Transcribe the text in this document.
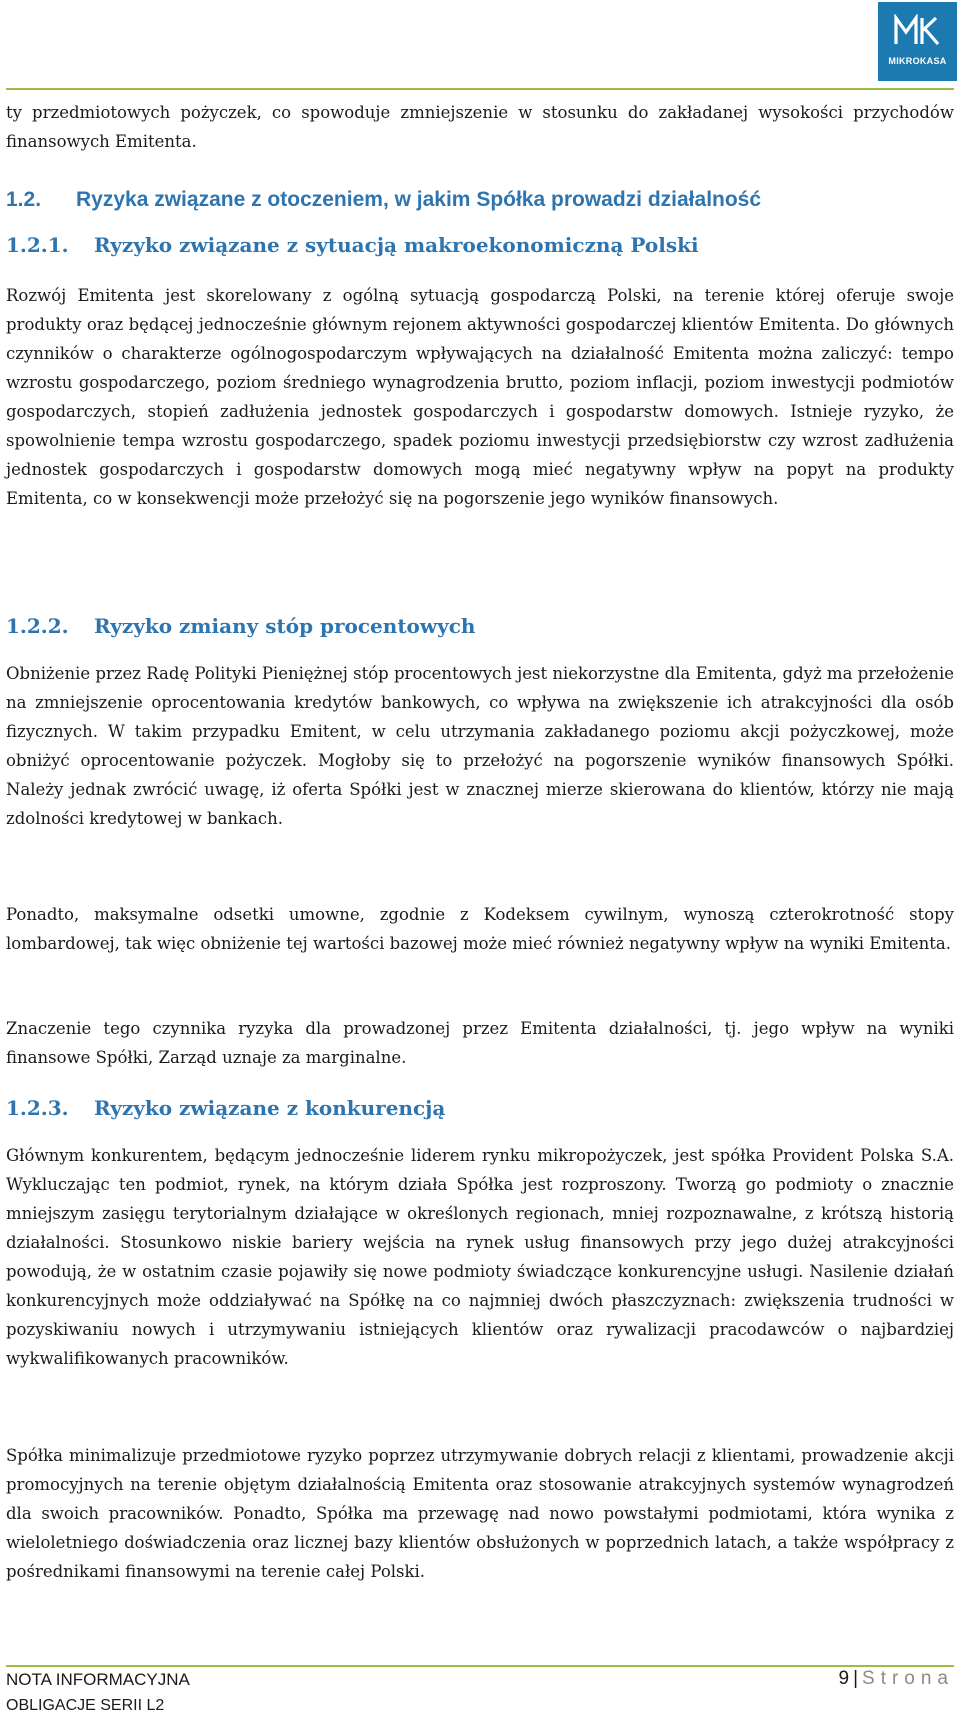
MIKROKASA
ty przedmiotowych pożyczek, co spowoduje zmniejszenie w stosunku do zakładanej wysokości przychodów finansowych Emitenta.
1.2. Ryzyka związane z otoczeniem, w jakim Spółka prowadzi działalność
1.2.1. Ryzyko związane z sytuacją makroekonomiczną Polski
Rozwój Emitenta jest skorelowany z ogólną sytuacją gospodarczą Polski, na terenie której oferuje swoje produkty oraz będącej jednocześnie głównym rejonem aktywności gospodarczej klientów Emitenta. Do głównych czynników o charakterze ogólnogospodarczym wpływających na działalność Emitenta można zaliczyć: tempo wzrostu gospodarczego, poziom średniego wynagrodzenia brutto, poziom inflacji, poziom inwestycji podmiotów gospodarczych, stopień zadłużenia jednostek gospodarczych i gospodarstw domowych. Istnieje ryzyko, że spowolnienie tempa wzrostu gospodarczego, spadek poziomu inwestycji przedsiębiorstw czy wzrost zadłużenia jednostek gospodarczych i gospodarstw domowych mogą mieć negatywny wpływ na popyt na produkty Emitenta, co w konsekwencji może przełożyć się na pogorszenie jego wyników finansowych.
1.2.2. Ryzyko zmiany stóp procentowych
Obniżenie przez Radę Polityki Pieniężnej stóp procentowych jest niekorzystne dla Emitenta, gdyż ma przełożenie na zmniejszenie oprocentowania kredytów bankowych, co wpływa na zwiększenie ich atrakcyjności dla osób fizycznych. W takim przypadku Emitent, w celu utrzymania zakładanego poziomu akcji pożyczkowej, może obniżyć oprocentowanie pożyczek. Mogłoby się to przełożyć na pogorszenie wyników finansowych Spółki. Należy jednak zwrócić uwagę, iż oferta Spółki jest w znacznej mierze skierowana do klientów, którzy nie mają zdolności kredytowej w bankach.
Ponadto, maksymalne odsetki umowne, zgodnie z Kodeksem cywilnym, wynoszą czterokrotność stopy lombardowej, tak więc obniżenie tej wartości bazowej może mieć również negatywny wpływ na wyniki Emitenta.
Znaczenie tego czynnika ryzyka dla prowadzonej przez Emitenta działalności, tj. jego wpływ na wyniki finansowe Spółki, Zarząd uznaje za marginalne.
1.2.3. Ryzyko związane z konkurencją
Głównym konkurentem, będącym jednocześnie liderem rynku mikropożyczek, jest spółka Provident Polska S.A. Wykluczając ten podmiot, rynek, na którym działa Spółka jest rozproszony. Tworzą go podmioty o znacznie mniejszym zasięgu terytorialnym działające w określonych regionach, mniej rozpoznawalne, z krótszą historią działalności. Stosunkowo niskie bariery wejścia na rynek usług finansowych przy jego dużej atrakcyjności powodują, że w ostatnim czasie pojawiły się nowe podmioty świadczące konkurencyjne usługi. Nasilenie działań konkurencyjnych może oddziaływać na Spółkę na co najmniej dwóch płaszczyznach: zwiększenia trudności w pozyskiwaniu nowych i utrzymywaniu istniejących klientów oraz rywalizacji pracodawców o najbardziej wykwalifikowanych pracowników.
Spółka minimalizuje przedmiotowe ryzyko poprzez utrzymywanie dobrych relacji z klientami, prowadzenie akcji promocyjnych na terenie objętym działalnością Emitenta oraz stosowanie atrakcyjnych systemów wynagrodzeń dla swoich pracowników. Ponadto, Spółka ma przewagę nad nowo powstałymi podmiotami, która wynika z wieloletniego doświadczenia oraz licznej bazy klientów obsłużonych w poprzednich latach, a także współpracy z pośrednikami finansowymi na terenie całej Polski.
NOTA INFORMACYJNA
OBLIGACJE SERII L2
9 | Strona
